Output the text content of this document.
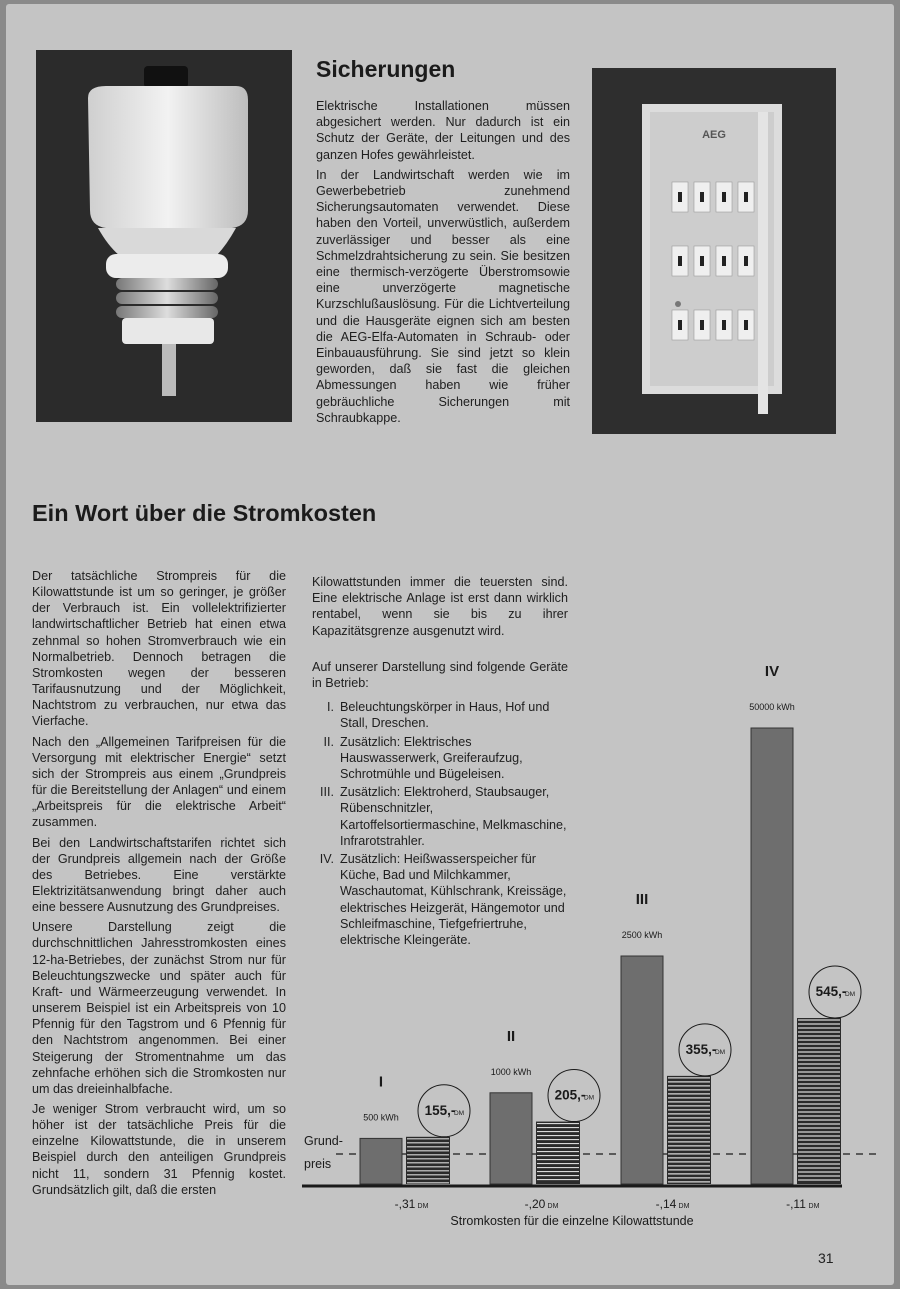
Sicherungen

Elektrische Installationen müssen abgesichert werden. Nur dadurch ist ein Schutz der Geräte, der Leitungen und des ganzen Hofes gewährleistet.

In der Landwirtschaft werden wie im Gewerbebetrieb zunehmend Sicherungsautomaten verwendet. Diese haben den Vorteil, unverwüstlich, außerdem zuverlässiger und besser als eine Schmelzdrahtsicherung zu sein. Sie besitzen eine thermisch-verzögerte Überstromsowie eine unverzögerte magnetische Kurzschlußauslösung. Für die Lichtverteilung und die Hausgeräte eignen sich am besten die AEG-Elfa-Automaten in Schraub- oder Einbauausführung. Sie sind jetzt so klein geworden, daß sie fast die gleichen Abmessungen haben wie früher gebräuchliche Sicherungen mit Schraubkappe.

AEG
Ein Wort über die Stromkosten

Der tatsächliche Strompreis für die Kilowattstunde ist um so geringer, je größer der Verbrauch ist. Ein vollelektrifizierter landwirtschaftlicher Betrieb hat einen etwa zehnmal so hohen Stromverbrauch wie ein Normalbetrieb. Dennoch betragen die Stromkosten wegen der besseren Tarifausnutzung und der Möglichkeit, Nachtstrom zu verbrauchen, nur etwa das Vierfache.

Nach den „Allgemeinen Tarifpreisen für die Versorgung mit elektrischer Energie“ setzt sich der Strompreis aus einem „Grundpreis für die Bereitstellung der Anlagen“ und einem „Arbeitspreis für die elektrische Arbeit“ zusammen.

Bei den Landwirtschaftstarifen richtet sich der Grundpreis allgemein nach der Größe des Betriebes. Eine verstärkte Elektrizitätsanwendung bringt daher auch eine bessere Ausnutzung des Grundpreises.

Unsere Darstellung zeigt die durchschnittlichen Jahresstromkosten eines 12-ha-Betriebes, der zunächst Strom nur für Beleuchtungszwecke und später auch für Kraft- und Wärmeerzeugung verwendet. In unserem Beispiel ist ein Arbeitspreis von 10 Pfennig für den Tagstrom und 6 Pfennig für den Nachtstrom angenommen. Bei einer Steigerung der Stromentnahme um das zehnfache erhöhen sich die Stromkosten nur um das dreieinhalbfache.

Je weniger Strom verbraucht wird, um so höher ist der tatsächliche Preis für die einzelne Kilowattstunde, die in unserem Beispiel durch den anteiligen Grundpreis nicht 11, sondern 31 Pfennig kostet. Grundsätzlich gilt, daß die ersten

Kilowattstunden immer die teuersten sind. Eine elektrische Anlage ist erst dann wirklich rentabel, wenn sie bis zu ihrer Kapazitätsgrenze ausgenutzt wird.

Auf unserer Darstellung sind folgende Geräte in Betrieb:

I. Beleuchtungskörper in Haus, Hof und Stall, Dreschen.
II. Zusätzlich: Elektrisches Hauswasserwerk, Greiferaufzug, Schrotmühle und Bügeleisen.
III. Zusätzlich: Elektroherd, Staubsauger, Rübenschnitzler, Kartoffelsortiermaschine, Melkmaschine, Infrarotstrahler.
IV. Zusätzlich: Heißwasserspeicher für Küche, Bad und Milchkammer, Waschautomat, Kühlschrank, Kreissäge, elektrisches Heizgerät, Hängemotor und Schleifmaschine, Tiefgefriertruhe, elektrische Kleingeräte.
Grund-
preis
I
500 kWh 155,-
DM
-,31 DM
II
1000 kWh
205,-
DM
-,20 DM
III
2500 kWh
355,-
DM
-,14 DM
IV
50000 kWh
545,-
DM
-,11 DM
Stromkosten für die einzelne Kilowattstunde
31
